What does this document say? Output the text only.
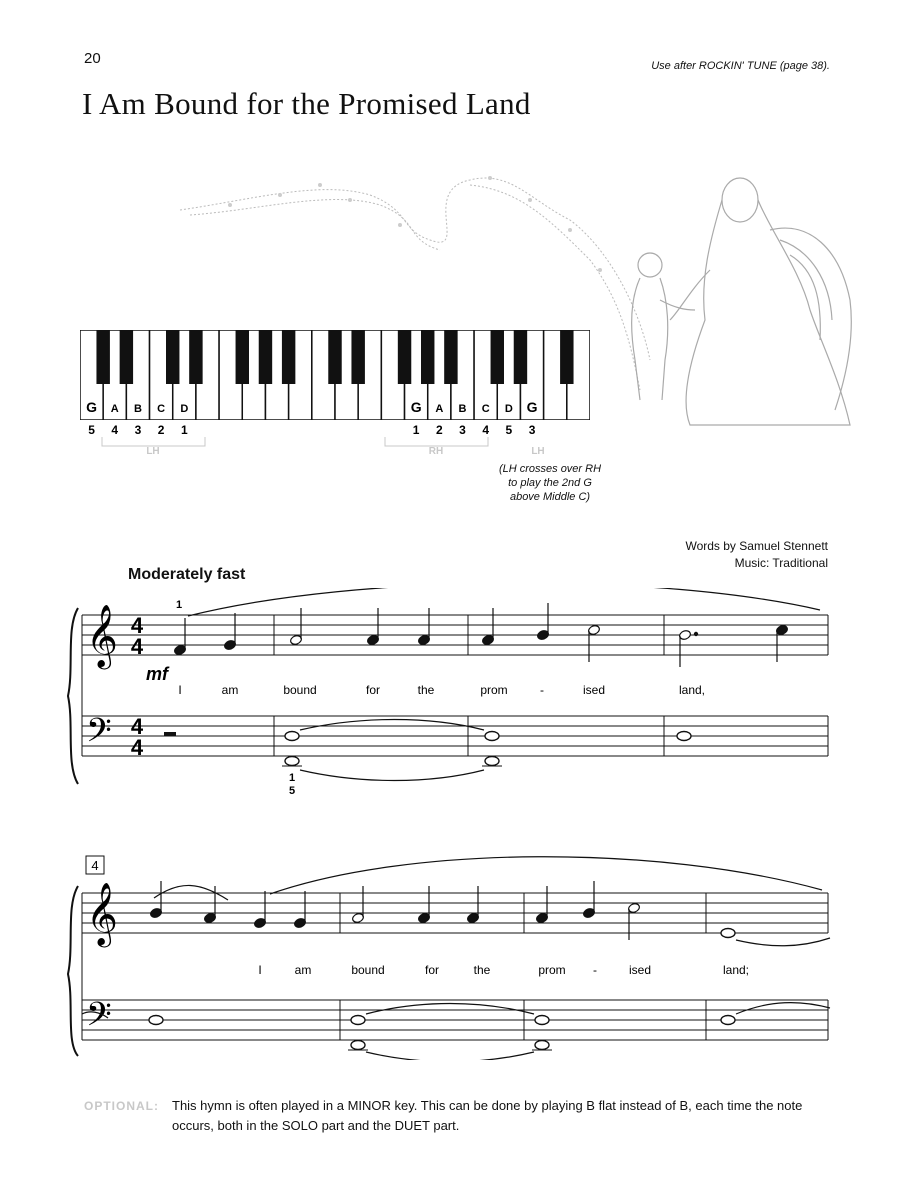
20	Use after ROCKIN' TUNE (page 38).
I Am Bound for the Promised Land
G A B C D	G A B C D G
5 4 3 2 1	1 2 3 4 5 3
LH	RH	LH
(LH crosses over RH
to play the 2nd G
above Middle C)
Words by Samuel Stennett
Music: Traditional
Moderately fast
𝄞
𝄢
4
4
4
4
1
mf
1
5
I	am	bound	for	the	prom	-	ised	land,
4
𝄞
𝄢
I	am	bound	for	the	prom -	ised	land;
OPTIONAL: This hymn is often played in a MINOR key. This can be done by playing B flat instead of B, each time the note occurs, both in the SOLO part and the DUET part.
